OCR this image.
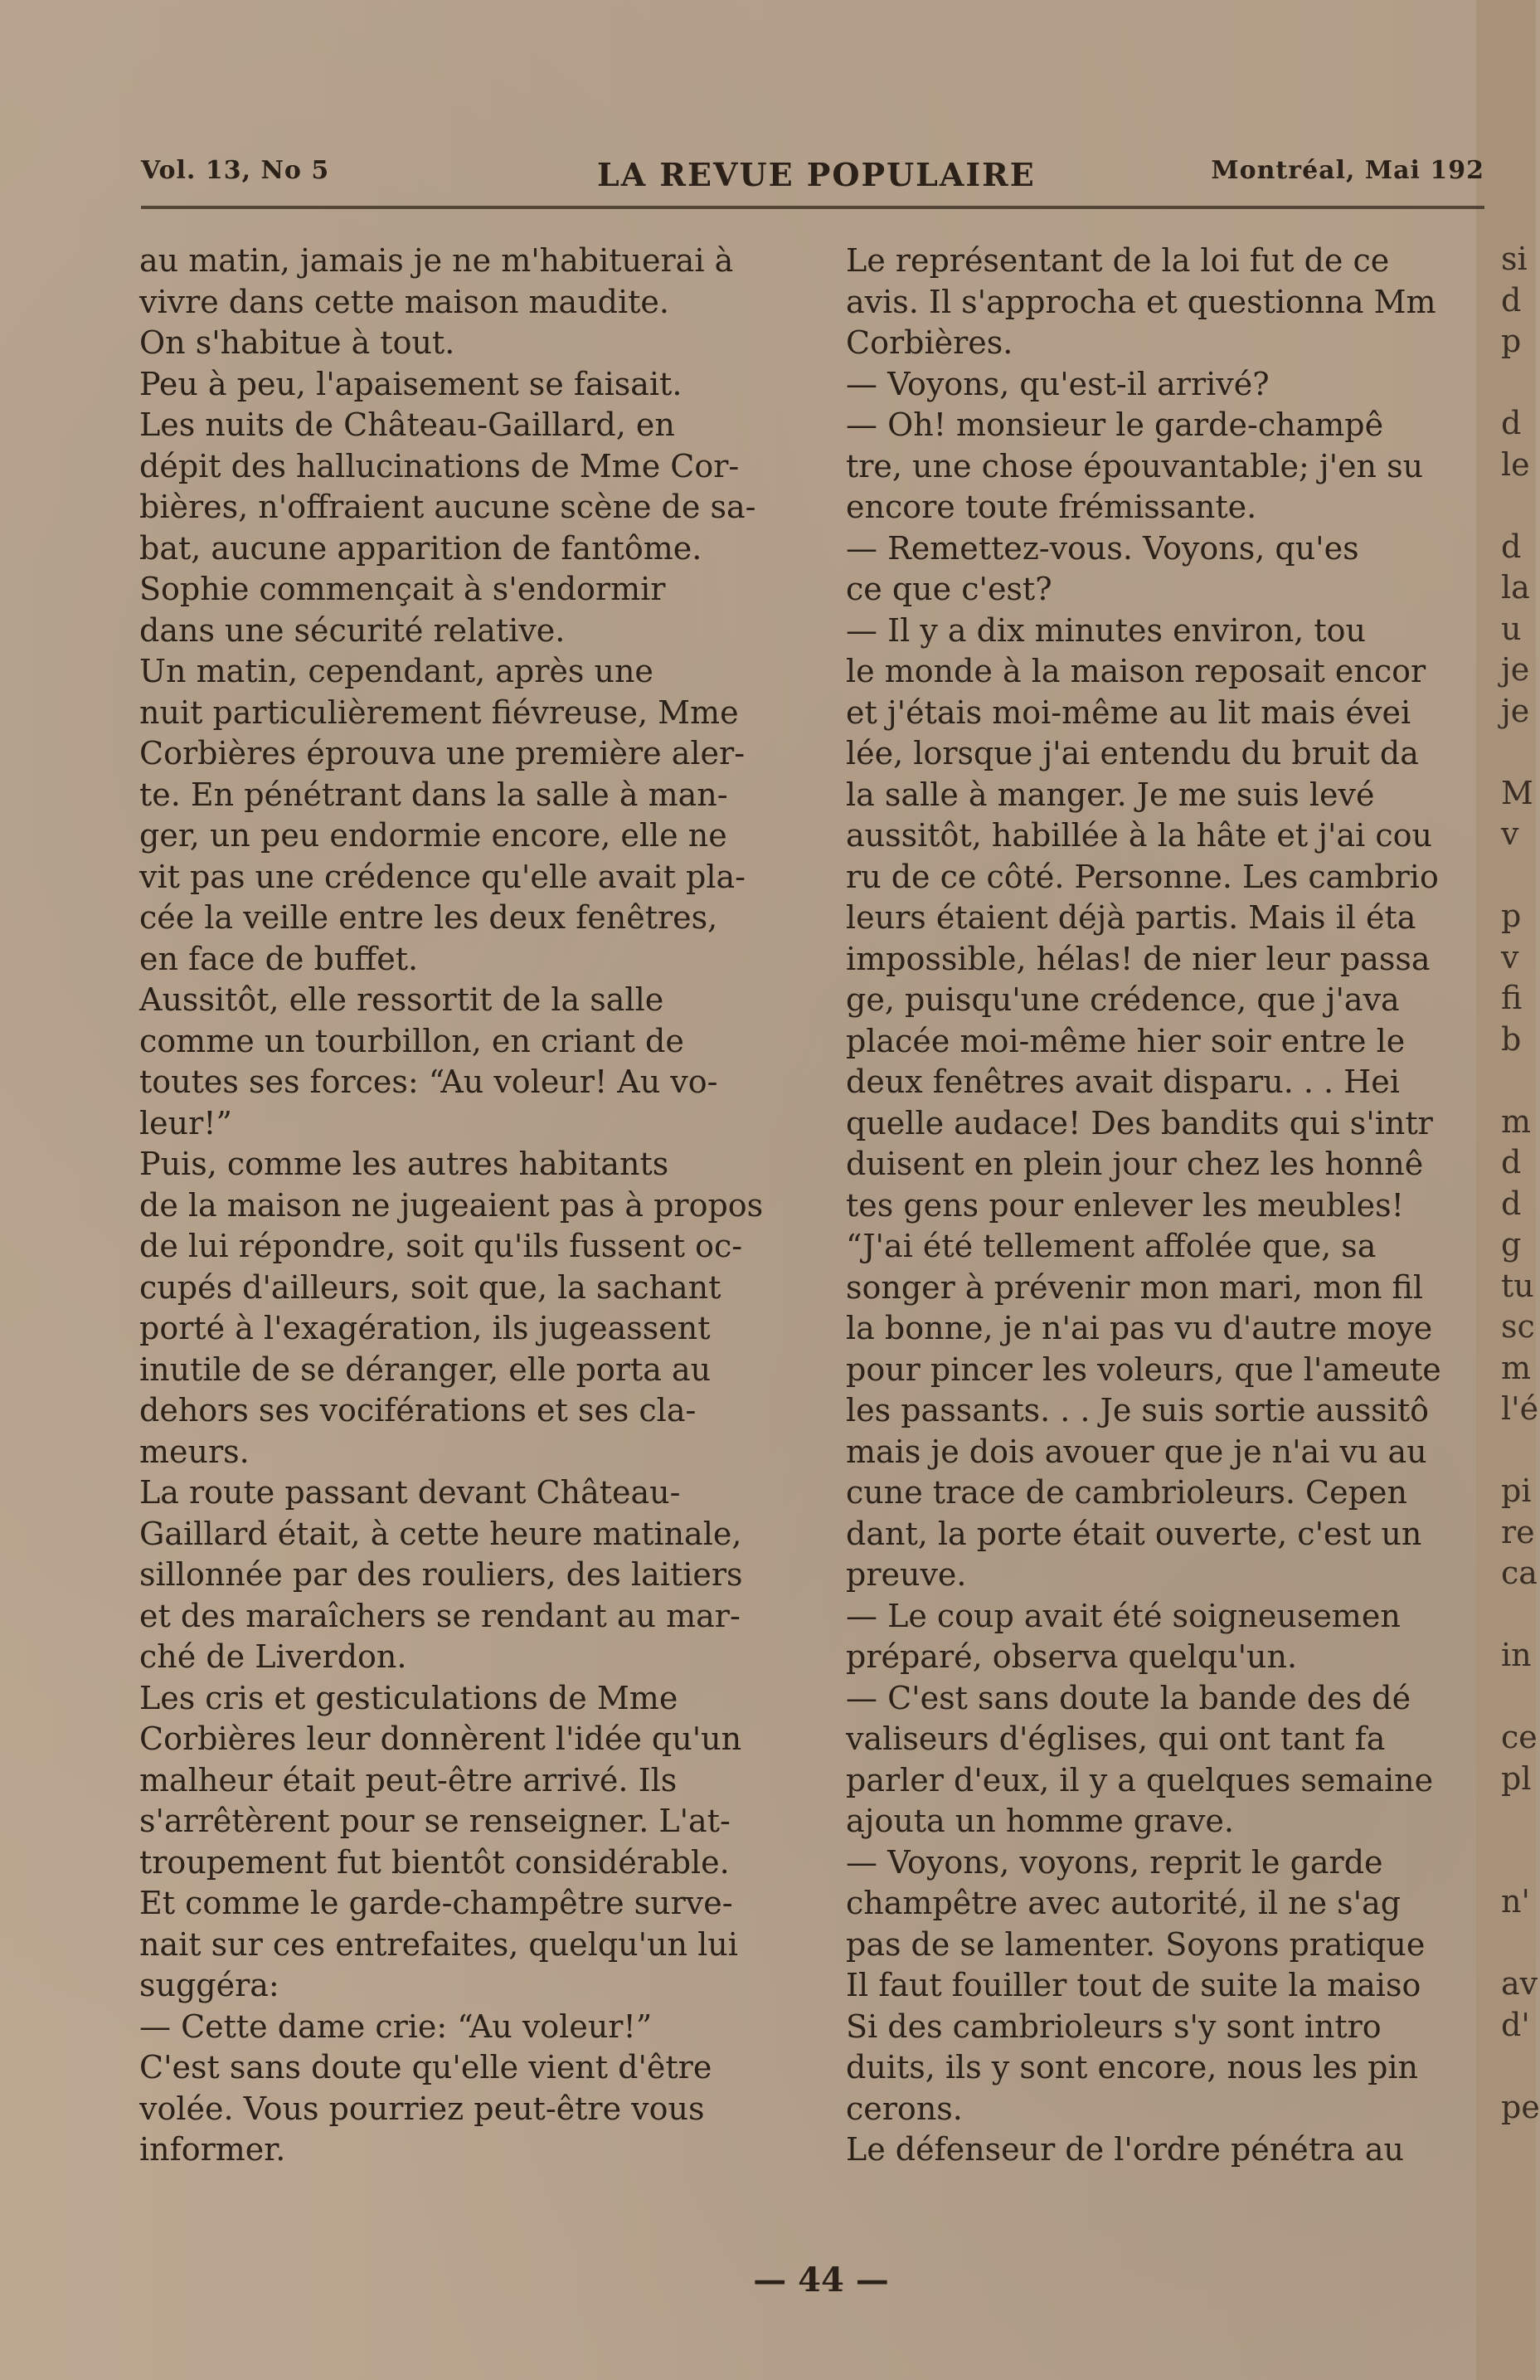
Vol. 13, No 5	LA REVUE POPULAIRE	Montréal, Mai 192
au matin, jamais je ne m'habituerai à
vivre dans cette maison maudite.
On s'habitue à tout.
Peu à peu, l'apaisement se faisait.
Les nuits de Château-Gaillard, en
dépit des hallucinations de Mme Cor-
bières, n'offraient aucune scène de sa-
bat, aucune apparition de fantôme.
Sophie commençait à s'endormir
dans une sécurité relative.
Un matin, cependant, après une
nuit particulièrement fiévreuse, Mme
Corbières éprouva une première aler-
te. En pénétrant dans la salle à man-
ger, un peu endormie encore, elle ne
vit pas une crédence qu'elle avait pla-
cée la veille entre les deux fenêtres,
en face de buffet.
Aussitôt, elle ressortit de la salle
comme un tourbillon, en criant de
toutes ses forces: “Au voleur! Au vo-
leur!”
Puis, comme les autres habitants
de la maison ne jugeaient pas à propos
de lui répondre, soit qu'ils fussent oc-
cupés d'ailleurs, soit que, la sachant
porté à l'exagération, ils jugeassent
inutile de se déranger, elle porta au
dehors ses vociférations et ses cla-
meurs.
La route passant devant Château-
Gaillard était, à cette heure matinale,
sillonnée par des rouliers, des laitiers
et des maraîchers se rendant au mar-
ché de Liverdon.
Les cris et gesticulations de Mme
Corbières leur donnèrent l'idée qu'un
malheur était peut-être arrivé. Ils
s'arrêtèrent pour se renseigner. L'at-
troupement fut bientôt considérable.
Et comme le garde-champêtre surve-
nait sur ces entrefaites, quelqu'un lui
suggéra:
— Cette dame crie: “Au voleur!”
C'est sans doute qu'elle vient d'être
volée. Vous pourriez peut-être vous
informer.
Le représentant de la loi fut de ce
avis. Il s'approcha et questionna Mm
Corbières.
— Voyons, qu'est-il arrivé?
— Oh! monsieur le garde-champê
tre, une chose épouvantable; j'en su
encore toute frémissante.
— Remettez-vous. Voyons, qu'es
ce que c'est?
— Il y a dix minutes environ, tou
le monde à la maison reposait encor
et j'étais moi-même au lit mais évei
lée, lorsque j'ai entendu du bruit da
la salle à manger. Je me suis levé
aussitôt, habillée à la hâte et j'ai cou
ru de ce côté. Personne. Les cambrio
leurs étaient déjà partis. Mais il éta
impossible, hélas! de nier leur passa
ge, puisqu'une crédence, que j'ava
placée moi-même hier soir entre le
deux fenêtres avait disparu. . . Hei
quelle audace! Des bandits qui s'intr
duisent en plein jour chez les honnê
tes gens pour enlever les meubles!
“J'ai été tellement affolée que, sa
songer à prévenir mon mari, mon fil
la bonne, je n'ai pas vu d'autre moye
pour pincer les voleurs, que l'ameute
les passants. . . Je suis sortie aussitô
mais je dois avouer que je n'ai vu au
cune trace de cambrioleurs. Cepen
dant, la porte était ouverte, c'est un
preuve.
— Le coup avait été soigneusemen
préparé, observa quelqu'un.
— C'est sans doute la bande des dé
valiseurs d'églises, qui ont tant fa
parler d'eux, il y a quelques semaine
ajouta un homme grave.
— Voyons, voyons, reprit le garde
champêtre avec autorité, il ne s'ag
pas de se lamenter. Soyons pratique
Il faut fouiller tout de suite la maiso
Si des cambrioleurs s'y sont intro
duits, ils y sont encore, nous les pin
cerons.
Le défenseur de l'ordre pénétra au
si
d
p
d
le
d
la
u
je
je
M
v
p
v
fi
b
m
d
d
g
tu
sc
m
l'é
pi
re
ca
in
ce
pl
n'
av
d'
pe
— 44 —
